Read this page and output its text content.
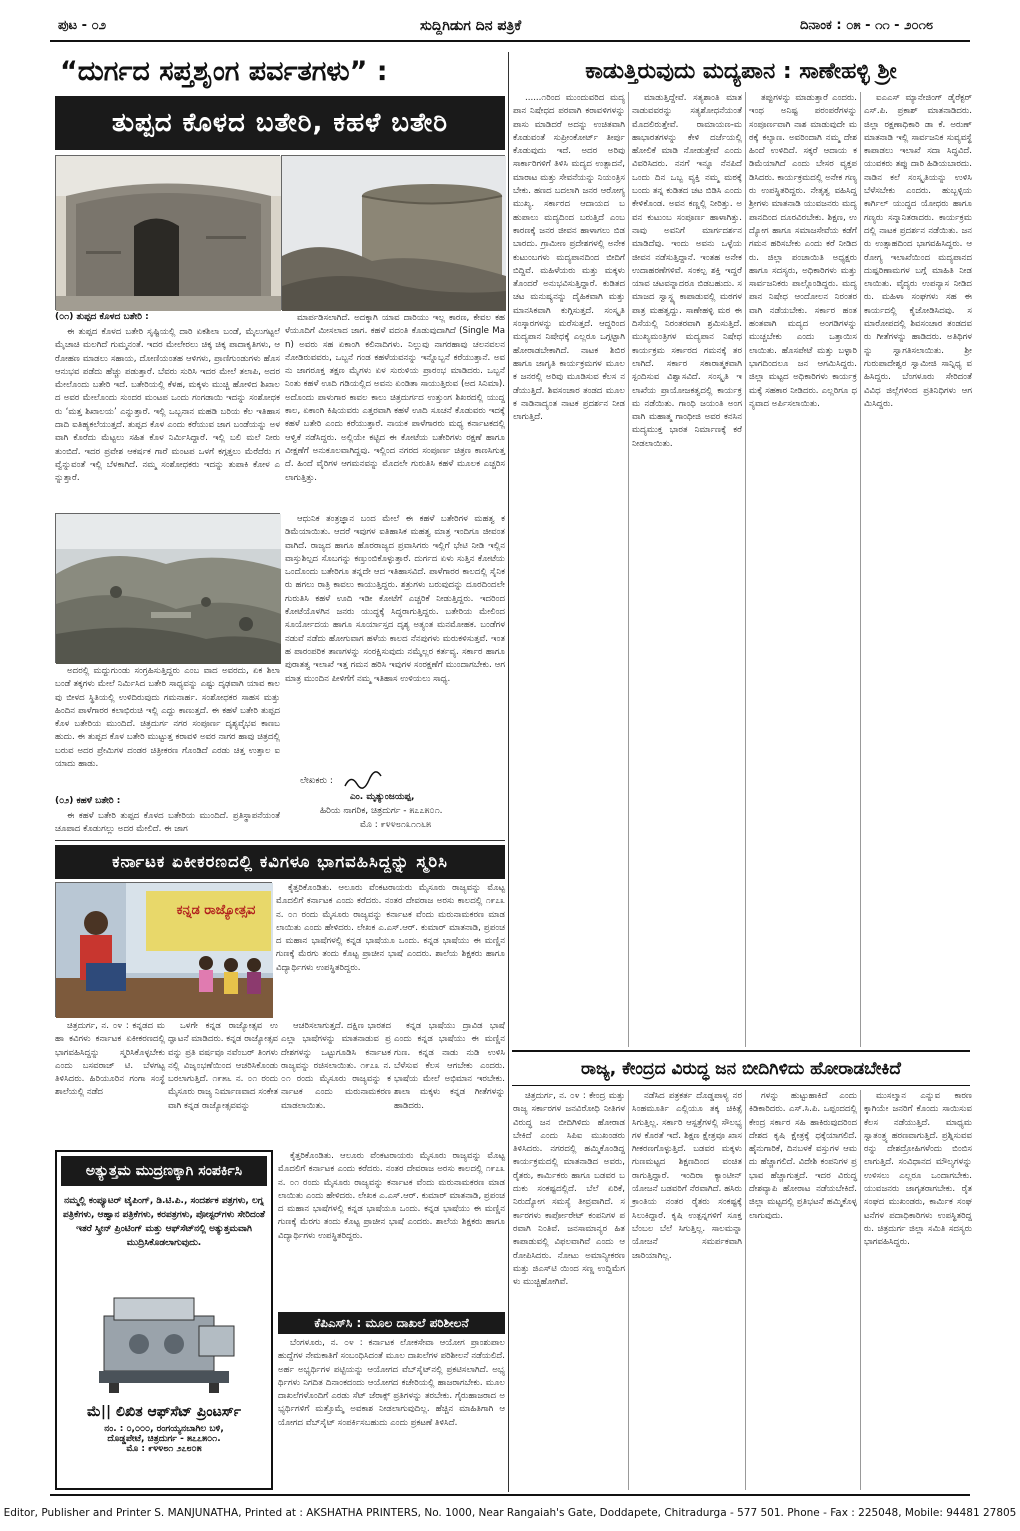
ಪುಟ - ೦೨	ಸುದ್ದಿಗಿಡುಗ ದಿನ ಪತ್ರಿಕೆ	ದಿನಾಂಕ : ೦೫ - ೧೧ - ೨೦೧೮
“ದುರ್ಗದ ಸಪ್ತಶೃಂಗ ಪರ್ವತಗಳು” :
ತುಪ್ಪದ ಕೊಳದ ಬತೇರಿ, ಕಹಳೆ ಬತೇರಿ
ಕಾಡುತ್ತಿರುವುದು ಮದ್ಯಪಾನ : ಸಾಣೇಹಳ್ಳಿ ಶ್ರೀ
(೦೧) ತುಪ್ಪದ ಕೊಳದ ಬತೇರಿ :

ಈ ತುಪ್ಪದ ಕೊಳದ ಬತೇರಿ ಸೃಷ್ಟಿಯಲ್ಲಿ ದಾರಿ ಏಕಶಿಲಾ ಬಂಡೆ, ಮೈಲುಗಟ್ಟಲೆ ಮೈಚಾಚಿ ಮಲಗಿದೆ ಗುಮ್ಮನಂತೆ. ಇದರ ಮೇಲೇರಲು ಚಿಕ್ಕ ಚಿಕ್ಕ ಪಾದಾಕೃತಿಗಳು, ಆರೋಹಣ ಮಾಡಲು ಸಹಾಯ, ದೋಣಿಯಂತಹ ಆಳಿಗಳು, ಪ್ರಾಣಿಗುಂಡುಗಳು ಹೊಸ ಆನುಭವ ಪಡೆದು ಹೆಚ್ಚು ಪಡುತ್ತಾರೆ. ಬೆವರು ಸುರಿಸಿ ಇದರ ಮೇಲೆ ತಲಾಪಿ, ಅದರ ಮೇಲೊಂದು ಬತೇರಿ ಇದೆ. ಬತೇರಿಯಲ್ಲಿ ಕೆಳಹ, ಮಕ್ಕಳು ಮುಚ್ಚಿ ಹೋಳಿದ ಶಿಖಾಲದ ಅವರ ಮೇಲೊಂದು ಸುಂದರ ಮಂಟಪ ಒಂದು ಗಂಗಡಾಯಿ ಇದನ್ನು ಸಂಶೋಧಕರು ‘ಮತ್ತ ಶಿಖಾಲಯ’ ಎನ್ನುತ್ತಾರೆ. ಇಲ್ಲಿ ಒಬ್ಬನಾನ ಮಹಡಿ ಬರಿಯ ಕೆಲ ಇತಿಹಾಸ ದಾದಿ ಐತಿಹ್ಯಕಲೆಯುತ್ತದೆ. ತುಪ್ಪದ ಕೊಳ ಎಂದು ಕರೆಯುವ ಜಾಗ ಬಂಡೆಯನ್ನು ಅಳವಾಗಿ ಕೊರೆದು ಮೆಟ್ಟಲು ಸಹಿತ ಕೊಳ ನಿರ್ಮಿಸಿದ್ದಾರೆ. ಇಲ್ಲಿ ಬಲಿ ಮಲೆ ನೀರು ತುಂಬಿದೆ. ಇದರ ಪ್ರವೇಶ ಆಕರ್ಷಕ ಗಾರೆ ಮಂಟಪ ಒಳಗೆ ಕಗ್ಗತ್ತಲು ಮೆರೆದೆರು ಗವ್ವೆನ್ನುವಂತೆ ಇಲ್ಲಿ ಬೆಳಕಾಗಿದೆ. ನಮ್ಮ ಸಂಶೋಧಕರು ಇದನ್ನು ತುಪಾಕಿ ಕೋಳ ಎನ್ನುತ್ತಾರೆ.

ಮಾರ್ಪಡಿಸಲಾಗಿದೆ. ಅದಕ್ಕಾಗಿ ಯಾವ ದಾರಿಯು ಇಲ್ಲ ಕಾರಣ, ಕೇವಲ ಕಹಳೆಯೂದಿಗೆ ಮೀಸಲಾದ ಜಾಗ. ಕಹಳೆ ವದಂತಿ ಕೊಡುವುದಾಗಿದೆ (Single Man) ಅವರು ಸಹ ಏಕಾಂಗಿ ಕಲಿನಾದಿಗಳು. ನಿಲ್ಲುವು ನಾಗರಹಾವು ಚಲನವಲನ ನೋಡಿರುವವರು, ಒಬ್ಬನೆ ಗಂಡ ಕಹಳೆಯವನನ್ನು ಇನ್ನೊಬ್ಬನೆ ಕರೆಯುತ್ತಾನೆ. ಅವನು ಜಾಗರೂಕ್ತ ತಕ್ಷಣ ಮೈಗಳು ಏಳ ಸುರುಳಿಯ ಪ್ರಾರಂಭ ಮಾಡಿದರು. ಒಬ್ಬನೆ ನಿಂತು ಕಹಳೆ ಊದಿ ಗಡಿಯಲ್ಲಿದ ಅವನು ಏಂಡಿತಾ ಸಾಯುತ್ತಿರುವ (ಅದ ಸಿನಿಮಾ). ಅದೊಂದು ಪಾಳುಗಾರ ಕಾವಲ ಕಾಲು ಚಿತ್ರದುರ್ಗದ ಉತ್ತುಂಗ ಶಿಖರದಲ್ಲಿ ಯುದ್ದಕಾಲ, ಏಕಾಂಗಿ ಕಿಷಿಯವರು ಎತ್ತರವಾಗಿ ಕಹಳೆ ಊದಿ ಸೂಚನೆ ಕೊಡುವರು ಇದಕ್ಕೆ ಕಹಳೆ ಬತೇರಿ ಎಂದು ಕರೆಯುತ್ತಾರೆ. ನಾಯಕ ಪಾಳೆಗಾರರು ಮಧ್ಯ ಕರ್ನಾಟಕದಲ್ಲಿ ಆಳ್ವಿಕೆ ನಡೆಸಿದ್ದರು. ಅಲ್ಲಿಯೇ ಕಟ್ಟಿದ ಈ ಕೋಟೆಯ ಬತೇರಿಗಳು ರಕ್ಷಣೆ ಹಾಗೂ ವೀಕ್ಷಣೆಗೆ ಅನುಕೂಲವಾಗಿದ್ದವು. ಇಲ್ಲಿಂದ ನಗರದ ಸಂಪೂರ್ಣ ಚಿತ್ರಣ ಕಾಣಸಿಗುತ್ತದೆ. ಹಿಂದೆ ವೈರಿಗಳ ಆಗಮನವನ್ನು ಮೊದಲೇ ಗುರುತಿಸಿ ಕಹಳೆ ಮೂಲಕ ಎಚ್ಚರಿಸಲಾಗುತ್ತಿತ್ತು.

ಆಧುನಿಕ ತಂತ್ರಜ್ಞಾನ ಬಂದ ಮೇಲೆ ಈ ಕಹಳೆ ಬತೇರಿಗಳ ಮಹತ್ವ ಕಡಿಮೆಯಾಯಿತು. ಆದರೆ ಇವುಗಳ ಐತಿಹಾಸಿಕ ಮಹತ್ವ ಮಾತ್ರ ಇಂದಿಗೂ ಜೀವಂತವಾಗಿದೆ. ರಾಜ್ಯದ ಹಾಗೂ ಹೊರರಾಜ್ಯದ ಪ್ರವಾಸಿಗರು ಇಲ್ಲಿಗೆ ಭೇಟಿ ನೀಡಿ ಇಲ್ಲಿನ ವಾಸ್ತುಶಿಲ್ಪದ ಸೊಬಗನ್ನು ಕಣ್ತುಂಬಿಕೊಳ್ಳುತ್ತಾರೆ. ದುರ್ಗದ ಏಳು ಸುತ್ತಿನ ಕೋಟೆಯ ಒಂದೊಂದು ಬತೇರಿಗೂ ತನ್ನದೇ ಆದ ಇತಿಹಾಸವಿದೆ. ಪಾಳೆಗಾರರ ಕಾಲದಲ್ಲಿ ಸೈನಿಕರು ಹಗಲು ರಾತ್ರಿ ಕಾವಲು ಕಾಯುತ್ತಿದ್ದರು. ಶತ್ರುಗಳು ಬರುವುದನ್ನು ದೂರದಿಂದಲೇ ಗುರುತಿಸಿ ಕಹಳೆ ಊದಿ ಇಡೀ ಕೋಟೆಗೆ ಎಚ್ಚರಿಕೆ ನೀಡುತ್ತಿದ್ದರು. ಇದರಿಂದ ಕೋಟೆಯೊಳಗಿನ ಜನರು ಯುದ್ಧಕ್ಕೆ ಸಿದ್ಧರಾಗುತ್ತಿದ್ದರು. ಬತೇರಿಯ ಮೇಲಿಂದ ಸೂರ್ಯೋದಯ ಹಾಗೂ ಸೂರ್ಯಾಸ್ತದ ದೃಶ್ಯ ಅತ್ಯಂತ ಮನಮೋಹಕ. ಬಂಡೆಗಳ ನಡುವೆ ನಡೆದು ಹೋಗುವಾಗ ಹಳೆಯ ಕಾಲದ ನೆನಪುಗಳು ಮರುಕಳಿಸುತ್ತವೆ. ಇಂತಹ ಪಾರಂಪರಿಕ ತಾಣಗಳನ್ನು ಸಂರಕ್ಷಿಸುವುದು ನಮ್ಮೆಲ್ಲರ ಕರ್ತವ್ಯ. ಸರ್ಕಾರ ಹಾಗೂ ಪುರಾತತ್ವ ಇಲಾಖೆ ಇತ್ತ ಗಮನ ಹರಿಸಿ ಇವುಗಳ ಸಂರಕ್ಷಣೆಗೆ ಮುಂದಾಗಬೇಕು. ಆಗ ಮಾತ್ರ ಮುಂದಿನ ಪೀಳಿಗೆಗೆ ನಮ್ಮ ಇತಿಹಾಸ ಉಳಿಯಲು ಸಾಧ್ಯ.

ಅದರಲ್ಲಿ ಮದ್ದುಗುಂಡು ಸಂಗ್ರಹಿಸುತ್ತಿದ್ದರು ಎಂಬ ವಾದ ಅವರದು, ಏಕ ಶಿಲಾ ಬಂಡೆ ತಕ್ಕಗಳು ಮೇಲೆ ನಿರ್ಮಿಸಿದ ಬತೇರಿ ಸಾಧ್ಯವನ್ನು ಎಷ್ಟು ದೃಢವಾಗಿ ಯಾವ ಕಾಲವು ಬೀಳದ ಸ್ಥಿತಿಯಲ್ಲಿ ಉಳಿದಿರುವುದು ಗಮನಾರ್ಹ. ಸಂಶೋಧಕರ ಸಾಹಸ ಮತ್ತು ಹಿಂದಿನ ಪಾಳೆಗಾರರ ಕಲಾಭಿರುಚಿ ಇಲ್ಲಿ ಎದ್ದು ಕಾಣುತ್ತದೆ. ಈ ಕಹಳೆ ಬತೇರಿ ತುಪ್ಪದ ಕೊಳ ಬತೇರಿಯ ಮುಂದಿದೆ. ಚಿತ್ರದುರ್ಗ ನಗರ ಸಂಪೂರ್ಣ ದೃಶ್ಯವೈಭವ ಕಾಣಬಹುದು. ಈ ತುಪ್ಪದ ಕೊಳ ಬತೇರಿ ಮುಟ್ಟುತ್ತ ಕರಾವಳಿ ಅವರ ನಾಗರ ಹಾವು ಚಿತ್ರದಲ್ಲಿ ಬರುವ ಅದರ ಪ್ರೇಮಿಗಳ ದಂಡರ ಚಿತ್ರೀಕರಣ ಗೊಂಡಿದೆ ಎರಡು ಚಿತ್ತ ಉತ್ತಾಲ ಐಯಾದು ಹಾಡು.

(೦೨) ಕಹಳೆ ಬತೇರಿ :

ಈ ಕಹಳೆ ಬತೇರಿ ತುಪ್ಪದ ಕೊಳದ ಬತೇರಿಯ ಮುಂದಿದೆ. ಪ್ರತಿಸ್ಥಾಪನೆಯಂತೆ ಚೂಪಾದ ಕೊಡುಗಲ್ಲು ಅದರ ಮೇಲಿದೆ. ಈ ಜಾಗ

ಲೇಖಕರು :
ಎಂ. ಮೃತ್ಯುಂಜಯಪ್ಪ,
ಹಿರಿಯ ನಾಗರಿಕ, ಚಿತ್ರದುರ್ಗ - ೫೭೭೫೦೧.
ಮೊ : ೯೪೪೮೧೩೧೧೬೫

......೧ರಿಂದ ಮುಂದುವರಿದ ಮದ್ಯಪಾನ ನಿಷೇಧದ ಪರವಾಗಿ ಕರಾವಳಿಗಳನ್ನು ಪಾಸು ಮಾಡಿದರೆ ಅದನ್ನು ಉಚಿತವಾಗಿ ಕೊಡುವಂತೆ ಸುಪ್ರೀಂಕೋರ್ಟ್ ತೀರ್ಪು ಕೊಡುವುದು ಇದೆ. ಅದರ ಅರಿವು ಸಾರ್ಕಾರಿಗಳಿಗೆ ತಿಳಿಸಿ ಮದ್ಯದ ಉತ್ಪಾದನೆ, ಮಾರಾಟ ಮತ್ತು ಸೇವನೆಯನ್ನು ನಿಯಂತ್ರಿಸಬೇಕು. ಹಣದ ಬದಲಾಗಿ ಜನರ ಆರೋಗ್ಯ ಮುಖ್ಯ. ಸರ್ಕಾರದ ಆದಾಯದ ಬಹುಪಾಲು ಮದ್ಯದಿಂದ ಬರುತ್ತಿದೆ ಎಂಬ ಕಾರಣಕ್ಕೆ ಜನರ ಜೀವನ ಹಾಳಾಗಲು ಬಿಡಬಾರದು. ಗ್ರಾಮೀಣ ಪ್ರದೇಶಗಳಲ್ಲಿ ಅನೇಕ ಕುಟುಂಬಗಳು ಮದ್ಯಪಾನದಿಂದ ಬೀದಿಗೆ ಬಿದ್ದಿವೆ. ಮಹಿಳೆಯರು ಮತ್ತು ಮಕ್ಕಳು ತೊಂದರೆ ಅನುಭವಿಸುತ್ತಿದ್ದಾರೆ. ಕುಡಿತದ ಚಟ ಮನುಷ್ಯನನ್ನು ದೈಹಿಕವಾಗಿ ಮತ್ತು ಮಾನಸಿಕವಾಗಿ ಕುಗ್ಗಿಸುತ್ತದೆ. ಸಂಸ್ಕೃತಿ ಸಂಸ್ಕಾರಗಳನ್ನು ಮರೆಸುತ್ತದೆ. ಆದ್ದರಿಂದ ಮದ್ಯಪಾನ ನಿಷೇಧಕ್ಕೆ ಎಲ್ಲರೂ ಒಗ್ಗಟ್ಟಾಗಿ ಹೋರಾಡಬೇಕಾಗಿದೆ. ನಾಟಕ ಶಿಬಿರ ಹಾಗೂ ಜಾಗೃತಿ ಕಾರ್ಯಕ್ರಮಗಳ ಮೂಲಕ ಜನರಲ್ಲಿ ಅರಿವು ಮೂಡಿಸುವ ಕೆಲಸ ನಡೆಯುತ್ತಿದೆ. ಶಿವಸಂಚಾರ ತಂಡದ ಮೂಲಕ ನಾಡಿನಾದ್ಯಂತ ನಾಟಕ ಪ್ರದರ್ಶನ ನೀಡಲಾಗುತ್ತಿದೆ.

ಮಾಡುತ್ತಿದ್ದೇವೆ. ಸತ್ಯಶಾಂತಿ ಮಾತ ನಾಡುವವರನ್ನು ಸತ್ಯಶೋಧನೆಯಂತೆ ಮೊದಲಿರುತ್ತೇವೆ. ರಾಮಾಯಣ-ಮಹಾಭಾರತಗಳನ್ನು ಕೇಳಿ ದರ್ಜೆಯಲ್ಲಿ ಹೋಲಿಕೆ ಮಾಡಿ ನೋಡುತ್ತೇವೆ ಎಂದು ವಿವರಿಸಿದರು. ನನಗೆ ಇನ್ನೂ ನೆನಪಿದೆ ಒಂದು ದಿನ ಒಬ್ಬ ವ್ಯಕ್ತಿ ನಮ್ಮ ಮಠಕ್ಕೆ ಬಂದು ತನ್ನ ಕುಡಿತದ ಚಟ ಬಿಡಿಸಿ ಎಂದು ಕೇಳಿಕೊಂಡ. ಅವನ ಕಣ್ಣಲ್ಲಿ ನೀರಿತ್ತು. ಅವನ ಕುಟುಂಬ ಸಂಪೂರ್ಣ ಹಾಳಾಗಿತ್ತು. ನಾವು ಅವನಿಗೆ ಮಾರ್ಗದರ್ಶನ ಮಾಡಿದೆವು. ಇಂದು ಅವನು ಒಳ್ಳೆಯ ಜೀವನ ನಡೆಸುತ್ತಿದ್ದಾನೆ. ಇಂತಹ ಅನೇಕ ಉದಾಹರಣೆಗಳಿವೆ. ಸಂಕಲ್ಪ ಶಕ್ತಿ ಇದ್ದರೆ ಯಾವ ಚಟವನ್ನಾದರೂ ಬಿಡಬಹುದು. ಸಮಾಜದ ಸ್ವಾಸ್ಥ್ಯ ಕಾಪಾಡುವಲ್ಲಿ ಮಠಗಳ ಪಾತ್ರ ಮಹತ್ವದ್ದು. ಸಾಣೇಹಳ್ಳಿ ಮಠ ಈ ದಿಸೆಯಲ್ಲಿ ನಿರಂತರವಾಗಿ ಶ್ರಮಿಸುತ್ತಿದೆ. ಮುಖ್ಯಮಂತ್ರಿಗಳ ಮದ್ಯಪಾನ ನಿಷೇಧ ಕಾರ್ಯಕ್ರಮ ಸರ್ಕಾರದ ಗಮನಕ್ಕೆ ತರಲಾಗಿದೆ. ಸರ್ಕಾರ ಸಕಾರಾತ್ಮಕವಾಗಿ ಸ್ಪಂದಿಸುವ ವಿಶ್ವಾಸವಿದೆ. ಸಂಸ್ಕೃತಿ ಇಲಾಖೆಯ ಪ್ರಾಯೋಜಕತ್ವದಲ್ಲಿ ಕಾರ್ಯಕ್ರಮ ನಡೆಯಿತು. ಗಾಂಧಿ ಜಯಂತಿ ಅಂಗವಾಗಿ ಮಹಾತ್ಮ ಗಾಂಧೀಜಿ ಅವರ ಕನಸಿನ ಮದ್ಯಮುಕ್ತ ಭಾರತ ನಿರ್ಮಾಣಕ್ಕೆ ಕರೆ ನೀಡಲಾಯಿತು.

ತಪ್ಪುಗಳನ್ನು ಮಾಡುತ್ತಾರೆ ಎಂದರು. ಇಂಥ ಅನಿಷ್ಟ ಪರಂಪರೆಗಳನ್ನು ಸಂಪೂರ್ಣವಾಗಿ ನಾಶ ಮಾಡುವುದೇ ಮಠಕ್ಕೆ ಕಲ್ಯಾಣ. ಅವರಿಂದಾಗಿ ನಮ್ಮ ದೇಶ ಹಿಂದೆ ಉಳಿದಿದೆ. ಸಕ್ಕರೆ ಆದಾಯ ಕಡಿಮೆಯಾಗಿದೆ ಎಂದು ಬೇಸರ ವ್ಯಕ್ತಪಡಿಸಿದರು. ಕಾರ್ಯಕ್ರಮದಲ್ಲಿ ಅನೇಕ ಗಣ್ಯರು ಉಪಸ್ಥಿತರಿದ್ದರು. ನೇತೃತ್ವ ವಹಿಸಿದ್ದ ಶ್ರೀಗಳು ಮಾತನಾಡಿ ಯುವಜನರು ಮದ್ಯಪಾನದಿಂದ ದೂರವಿರಬೇಕು. ಶಿಕ್ಷಣ, ಉದ್ಯೋಗ ಹಾಗೂ ಸಮಾಜಸೇವೆಯ ಕಡೆಗೆ ಗಮನ ಹರಿಸಬೇಕು ಎಂದು ಕರೆ ನೀಡಿದರು. ಜಿಲ್ಲಾ ಪಂಚಾಯಿತಿ ಅಧ್ಯಕ್ಷರು ಹಾಗೂ ಸದಸ್ಯರು, ಅಧಿಕಾರಿಗಳು ಮತ್ತು ಸಾರ್ವಜನಿಕರು ಪಾಲ್ಗೊಂಡಿದ್ದರು. ಮದ್ಯಪಾನ ನಿಷೇಧ ಆಂದೋಲನ ನಿರಂತರವಾಗಿ ನಡೆಯಬೇಕು. ಸರ್ಕಾರ ಹಂತ ಹಂತವಾಗಿ ಮದ್ಯದ ಅಂಗಡಿಗಳನ್ನು ಮುಚ್ಚಬೇಕು ಎಂದು ಒತ್ತಾಯಿಸಲಾಯಿತು. ಹೊಸಪೇಟೆ ಮತ್ತು ಬಳ್ಳಾರಿ ಭಾಗದಿಂದಲೂ ಜನ ಆಗಮಿಸಿದ್ದರು. ಜಿಲ್ಲಾ ಮಟ್ಟದ ಅಧಿಕಾರಿಗಳು ಕಾರ್ಯಕ್ರಮಕ್ಕೆ ಸಹಕಾರ ನೀಡಿದರು. ಎಲ್ಲರಿಗೂ ಧನ್ಯವಾದ ಅರ್ಪಿಸಲಾಯಿತು.

ಐಎಎಸ್ ಮ್ಯಾನೇಜಿಂಗ್ ಡೈರೆಕ್ಟರ್ ಎಸ್.ಪಿ. ಪ್ರಕಾಶ್ ಮಾತನಾಡಿದರು. ಜಿಲ್ಲಾ ರಕ್ಷಣಾಧಿಕಾರಿ ಡಾ ಕೆ. ಅರುಣ್ ಮಾತನಾಡಿ ಇಲ್ಲಿ ಸಾರ್ವಜನಿಕ ಸುವ್ಯವಸ್ಥೆ ಕಾಪಾಡಲು ಇಲಾಖೆ ಸದಾ ಸಿದ್ಧವಿದೆ. ಯುವಕರು ತಪ್ಪು ದಾರಿ ಹಿಡಿಯಬಾರದು. ನಾಡಿನ ಕಲೆ ಸಂಸ್ಕೃತಿಯನ್ನು ಉಳಿಸಿ ಬೆಳೆಸಬೇಕು ಎಂದರು. ಹುಬ್ಬಳ್ಳಿಯ ಕಾರ್ಗಿಲ್ ಯುದ್ಧದ ಯೋಧರು ಹಾಗೂ ಗಣ್ಯರು ಸನ್ಮಾನಿತರಾದರು. ಕಾರ್ಯಕ್ರಮದಲ್ಲಿ ನಾಟಕ ಪ್ರದರ್ಶನ ನಡೆಯಿತು. ಜನರು ಉತ್ಸಾಹದಿಂದ ಭಾಗವಹಿಸಿದ್ದರು. ಆರೋಗ್ಯ ಇಲಾಖೆಯಿಂದ ಮದ್ಯಪಾನದ ದುಷ್ಪರಿಣಾಮಗಳ ಬಗ್ಗೆ ಮಾಹಿತಿ ನೀಡಲಾಯಿತು. ವೈದ್ಯರು ಉಪನ್ಯಾಸ ನೀಡಿದರು. ಮಹಿಳಾ ಸಂಘಗಳು ಸಹ ಈ ಕಾರ್ಯದಲ್ಲಿ ಕೈಜೋಡಿಸಿದವು. ಸಮಾರೋಪದಲ್ಲಿ ಶಿವಸಂಚಾರ ತಂಡದವರು ಗೀತೆಗಳನ್ನು ಹಾಡಿದರು. ಅತಿಥಿಗಳನ್ನು ಸ್ವಾಗತಿಸಲಾಯಿತು. ಶ್ರೀ ಗುರುಪಾದೇಶ್ವರ ಸ್ವಾಮೀಜಿ ಸಾನ್ನಿಧ್ಯ ವಹಿಸಿದ್ದರು. ಬೆಂಗಳೂರು ಸೇರಿದಂತೆ ವಿವಿಧ ಜಿಲ್ಲೆಗಳಿಂದ ಪ್ರತಿನಿಧಿಗಳು ಆಗಮಿಸಿದ್ದರು.

ಕರ್ನಾಟಕ ಏಕೀಕರಣದಲ್ಲಿ ಕವಿಗಳೂ ಭಾಗವಹಿಸಿದ್ದನ್ನು ಸ್ಮರಿಸಿ
ಕನ್ನಡ ರಾಜ್ಯೋತ್ಸವ

ಕೈತ್ತರಿಕೊಂಡಿತು. ಆಲೂರು ವೆಂಕಟರಾಯರು ಮೈಸೂರು ರಾಜ್ಯವನ್ನು ಮೊಟ್ಟ ಮೊದಲಿಗೆ ಕರ್ನಾಟಕ ಎಂದು ಕರೆದರು. ನಂತರ ದೇವರಾಜ ಅರಸು ಕಾಲದಲ್ಲಿ ೧೯೭೩ ನ. ೦೧ ರಂದು ಮೈಸೂರು ರಾಜ್ಯವನ್ನು ಕರ್ನಾಟಕ ವೆಂದು ಮರುನಾಮಕರಣ ಮಾಡಲಾಯಿತು ಎಂದು ಹೇಳಿದರು. ಲೇಖಕ ಎ.ಎಸ್.ಆರ್. ಕುಮಾರ್ ಮಾತನಾಡಿ, ಪ್ರಪಂಚದ ಮಹಾನ ಭಾಷೆಗಳಲ್ಲಿ ಕನ್ನಡ ಭಾಷೆಯೂ ಒಂದು. ಕನ್ನಡ ಭಾಷೆಯು ಈ ಮಣ್ಣಿನ ಗುಣಕ್ಕೆ ಮೆರಗು ತಂದು ಕೊಟ್ಟ ಪ್ರಾಚೀನ ಭಾಷೆ ಎಂದರು. ಶಾಲೆಯ ಶಿಕ್ಷಕರು ಹಾಗೂ ವಿದ್ಯಾರ್ಥಿಗಳು ಉಪಸ್ಥಿತರಿದ್ದರು.

ಚಿತ್ರದುರ್ಗ, ನ. ೦೪ : ಕನ್ನಡದ ಮಹಾ ಕವಿಗಳು ಕರ್ನಾಟಕ ಏಕೀಕರಣದಲ್ಲಿ ಭಾಗವಹಿಸಿದ್ದನ್ನು ಸ್ಮರಿಸಿಕೊಳ್ಳಬೇಕು ಎಂದು ಬಸವರಾಜ್ ಟಿ. ಬೆಳಗಟ್ಟ ತಿಳಿಸಿದರು. ಹಿರಿಯೂರಿನ ಗಂಗಾ ಸಂಸ್ಥೆ ಶಾಲೆಯಲ್ಲಿ ನಡೆದ

ಒಳಗೇ ಕನ್ನಡ ರಾಜ್ಯೋತ್ಸವ ಉದ್ಘಾಟನೆ ಮಾಡಿದರು. ಕನ್ನಡ ರಾಜ್ಯೋತ್ಸವವನ್ನು ಪ್ರತಿ ವರ್ಷವೂ ನವೆಂಬರ್ ತಿಂಗಳು ನಲ್ಲಿ ವಿಜೃಂಭಣೆಯಿಂದ ಆಚರಿಸಿಕೊಂಡು ಬರಲಾಗುತ್ತಿದೆ. ೧೯೫೬ ನ. ೦೧ ರಂದು ಮೈಸೂರು ರಾಜ್ಯ ನಿರ್ಮಾಣವಾದ ಸಂಕೇತವಾಗಿ ಕನ್ನಡ ರಾಜ್ಯೋತ್ಸವವನ್ನು

ಆಚರಿಸಲಾಗುತ್ತದೆ. ದಕ್ಷಿಣ ಭಾರತದ ಎಲ್ಲಾ ಭಾಷೆಗಳನ್ನು ಮಾತನಾಡುವ ಪ್ರದೇಶಗಳನ್ನು ಒಟ್ಟುಗೂಡಿಸಿ ಕರ್ನಾಟಕ ರಾಜ್ಯವನ್ನು ರಚಿಸಲಾಯಿತು. ೧೯೭೩ ನ. ೦೧ ರಂದು ಮೈಸೂರು ರಾಜ್ಯವನ್ನು ಕರ್ನಾಟಕ ಎಂದು ಮರುನಾಮಕರಣ ಮಾಡಲಾಯಿತು.

ಕನ್ನಡ ಭಾಷೆಯು ದ್ರಾವಿಡ ಭಾಷೆ ಎಂದು ಕನ್ನಡ ಭಾಷೆಯು ಈ ಮಣ್ಣಿನ ಗುಣ. ಕನ್ನಡ ನಾಡು ನುಡಿ ಉಳಿಸಿ ಬೆಳೆಸುವ ಕೆಲಸ ಆಗಬೇಕು ಎಂದರು. ಭಾಷೆಯ ಮೇಲೆ ಅಭಿಮಾನ ಇರಬೇಕು. ಶಾಲಾ ಮಕ್ಕಳು ಕನ್ನಡ ಗೀತೆಗಳನ್ನು ಹಾಡಿದರು.

ಅತ್ಯುತ್ತಮ ಮುದ್ರಣಕ್ಕಾಗಿ ಸಂಪರ್ಕಿಸಿ
ನಮ್ಮಲ್ಲಿ ಕಂಪ್ಯೂಟರ್ ಟೈಪಿಂಗ್, ಡಿ.ಟಿ.ಪಿ., ಸಂದರ್ಶಕ ಪತ್ರಗಳು, ಲಗ್ನ ಪತ್ರಿಕೆಗಳು, ಆಹ್ವಾನ ಪತ್ರಿಕೆಗಳು, ಕರಪತ್ರಗಳು, ಪೋಸ್ಟರ್‌ಗಳು ಸೇರಿದಂತೆ ಇತರೆ ಸ್ಕ್ರೀನ್ ಪ್ರಿಂಟಿಂಗ್ ಮತ್ತು ಆಫ್‌ಸೆಟ್‌ನಲ್ಲಿ ಅತ್ಯುತ್ತಮವಾಗಿ ಮುದ್ರಿಸಿಕೊಡಲಾಗುವುದು.
ಮೆ|| ಲಿಖಿತ ಆಫ್‌ಸೆಟ್ ಪ್ರಿಂಟರ್ಸ್
ನಂ. : ೦,೦೦೦, ರಂಗಯ್ಯನಬಾಗಿಲ ಬಳಿ,
ದೊಡ್ಡಪೇಟೆ, ಚಿತ್ರದುರ್ಗ - ೫೭೭೫೦೧.
ಮೊ : ೯೪೪೮೧ ೨೭೮೦೫

ಕೈತ್ತರಿಕೊಂಡಿತು. ಆಲೂರು ವೆಂಕಟರಾಯರು ಮೈಸೂರು ರಾಜ್ಯವನ್ನು ಮೊಟ್ಟ ಮೊದಲಿಗೆ ಕರ್ನಾಟಕ ಎಂದು ಕರೆದರು. ನಂತರ ದೇವರಾಜ ಅರಸು ಕಾಲದಲ್ಲಿ ೧೯೭೩ ನ. ೦೧ ರಂದು ಮೈಸೂರು ರಾಜ್ಯವನ್ನು ಕರ್ನಾಟಕ ವೆಂದು ಮರುನಾಮಕರಣ ಮಾಡಲಾಯಿತು ಎಂದು ಹೇಳಿದರು. ಲೇಖಕ ಎ.ಎಸ್.ಆರ್. ಕುಮಾರ್ ಮಾತನಾಡಿ, ಪ್ರಪಂಚದ ಮಹಾನ ಭಾಷೆಗಳಲ್ಲಿ ಕನ್ನಡ ಭಾಷೆಯೂ ಒಂದು. ಕನ್ನಡ ಭಾಷೆಯು ಈ ಮಣ್ಣಿನ ಗುಣಕ್ಕೆ ಮೆರಗು ತಂದು ಕೊಟ್ಟ ಪ್ರಾಚೀನ ಭಾಷೆ ಎಂದರು. ಶಾಲೆಯ ಶಿಕ್ಷಕರು ಹಾಗೂ ವಿದ್ಯಾರ್ಥಿಗಳು ಉಪಸ್ಥಿತರಿದ್ದರು.

ಕೆಪಿಎಸ್‌ಸಿ : ಮೂಲ ದಾಖಲೆ ಪರಿಶೀಲನೆ

ಬೆಂಗಳೂರು, ನ. ೦೪ : ಕರ್ನಾಟಕ ಲೋಕಸೇವಾ ಆಯೋಗ ಪ್ರಾಂಶುಪಾಲ ಹುದ್ದೆಗಳ ನೇಮಕಾತಿಗೆ ಸಂಬಂಧಿಸಿದಂತೆ ಮೂಲ ದಾಖಲೆಗಳ ಪರಿಶೀಲನೆ ನಡೆಯಲಿದೆ. ಅರ್ಹ ಅಭ್ಯರ್ಥಿಗಳ ಪಟ್ಟಿಯನ್ನು ಆಯೋಗದ ವೆಬ್‌ಸೈಟ್‌ನಲ್ಲಿ ಪ್ರಕಟಿಸಲಾಗಿದೆ. ಅಭ್ಯರ್ಥಿಗಳು ನಿಗದಿತ ದಿನಾಂಕದಂದು ಆಯೋಗದ ಕಚೇರಿಯಲ್ಲಿ ಹಾಜರಾಗಬೇಕು. ಮೂಲ ದಾಖಲೆಗಳೊಂದಿಗೆ ಎರಡು ಸೆಟ್ ಜೆರಾಕ್ಸ್ ಪ್ರತಿಗಳನ್ನು ತರಬೇಕು. ಗೈರುಹಾಜರಾದ ಅಭ್ಯರ್ಥಿಗಳಿಗೆ ಮತ್ತೊಮ್ಮೆ ಅವಕಾಶ ನೀಡಲಾಗುವುದಿಲ್ಲ. ಹೆಚ್ಚಿನ ಮಾಹಿತಿಗಾಗಿ ಆಯೋಗದ ವೆಬ್‌ಸೈಟ್ ಸಂಪರ್ಕಿಸಬಹುದು ಎಂದು ಪ್ರಕಟಣೆ ತಿಳಿಸಿದೆ.

ರಾಜ್ಯ, ಕೇಂದ್ರದ ವಿರುದ್ಧ ಜನ ಬೀದಿಗಿಳಿದು ಹೋರಾಡಬೇಕಿದೆ

ಚಿತ್ರದುರ್ಗ, ನ. ೦೪ : ಕೇಂದ್ರ ಮತ್ತು ರಾಜ್ಯ ಸರ್ಕಾರಗಳ ಜನವಿರೋಧಿ ನೀತಿಗಳ ವಿರುದ್ಧ ಜನ ಬೀದಿಗಿಳಿದು ಹೋರಾಡಬೇಕಿದೆ ಎಂದು ಸಿಪಿಐ ಮುಖಂಡರು ತಿಳಿಸಿದರು. ನಗರದಲ್ಲಿ ಹಮ್ಮಿಕೊಂಡಿದ್ದ ಕಾರ್ಯಕ್ರಮದಲ್ಲಿ ಮಾತನಾಡಿದ ಅವರು, ರೈತರು, ಕಾರ್ಮಿಕರು ಹಾಗೂ ಬಡವರ ಬದುಕು ಸಂಕಷ್ಟದಲ್ಲಿದೆ. ಬೆಲೆ ಏರಿಕೆ, ನಿರುದ್ಯೋಗ ಸಮಸ್ಯೆ ತೀವ್ರವಾಗಿದೆ. ಸರ್ಕಾರಗಳು ಕಾರ್ಪೋರೇಟ್ ಕಂಪನಿಗಳ ಪರವಾಗಿ ನಿಂತಿವೆ. ಜನಸಾಮಾನ್ಯರ ಹಿತ ಕಾಪಾಡುವಲ್ಲಿ ವಿಫಲವಾಗಿವೆ ಎಂದು ಆರೋಪಿಸಿದರು. ನೋಟು ಅಮಾನ್ಯೀಕರಣ ಮತ್ತು ಜಿಎಸ್‌ಟಿ ಯಿಂದ ಸಣ್ಣ ಉದ್ದಿಮೆಗಳು ಮುಚ್ಚಿಹೋಗಿವೆ.

ನಡೆಸಿದ ಪತ್ರಕರ್ತ ದೊಡ್ಡಪಾಳ್ಯ ನರಸಿಂಹಮೂರ್ತಿ ಎಲ್ಲಿಯೂ ತಕ್ಕ ಚಿಕಿತ್ಸೆ ಸಿಗುತ್ತಿಲ್ಲ. ಸರ್ಕಾರಿ ಆಸ್ಪತ್ರೆಗಳಲ್ಲಿ ಸೌಲಭ್ಯಗಳ ಕೊರತೆ ಇದೆ. ಶಿಕ್ಷಣ ಕ್ಷೇತ್ರವೂ ಖಾಸಗೀಕರಣಗೊಳ್ಳುತ್ತಿದೆ. ಬಡವರ ಮಕ್ಕಳು ಗುಣಮಟ್ಟದ ಶಿಕ್ಷಣದಿಂದ ವಂಚಿತರಾಗುತ್ತಿದ್ದಾರೆ. ಇಂದಿರಾ ಕ್ಯಾಂಟೀನ್ ಯೋಜನೆ ಬಡವರಿಗೆ ನೆರವಾಗಿದೆ. ಹಸಿರು ಕ್ರಾಂತಿಯ ನಂತರ ರೈತರು ಸಂಕಷ್ಟಕ್ಕೆ ಸಿಲುಕಿದ್ದಾರೆ. ಕೃಷಿ ಉತ್ಪನ್ನಗಳಿಗೆ ಸೂಕ್ತ ಬೆಂಬಲ ಬೆಲೆ ಸಿಗುತ್ತಿಲ್ಲ. ಸಾಲಮನ್ನಾ ಯೋಜನೆ ಸಮರ್ಪಕವಾಗಿ ಜಾರಿಯಾಗಿಲ್ಲ.

ಗಳನ್ನು ಹುಟ್ಟುಹಾಕಿದೆ ಎಂದು ಕಿಡಿಕಾರಿದರು. ಎಸ್.ಸಿ.ಪಿ. ಒಪ್ಪಂದದಲ್ಲಿ ಕೇಂದ್ರ ಸರ್ಕಾರ ಸಹಿ ಹಾಕಿರುವುದರಿಂದ ದೇಶದ ಕೃಷಿ ಕ್ಷೇತ್ರಕ್ಕೆ ಧಕ್ಕೆಯಾಗಲಿದೆ. ಹೈನುಗಾರಿಕೆ, ದಿನಬಳಕೆ ವಸ್ತುಗಳ ಆಮದು ಹೆಚ್ಚಾಗಲಿದೆ. ವಿದೇಶಿ ಕಂಪನಿಗಳ ಪ್ರಭಾವ ಹೆಚ್ಚಾಗುತ್ತದೆ. ಇದರ ವಿರುದ್ಧ ದೇಶವ್ಯಾಪಿ ಹೋರಾಟ ನಡೆಯಬೇಕಿದೆ. ಜಿಲ್ಲಾ ಮಟ್ಟದಲ್ಲಿ ಪ್ರತಿಭಟನೆ ಹಮ್ಮಿಕೊಳ್ಳಲಾಗುವುದು.

ಮುಸಲ್ಮಾನ ಎನ್ನುವ ಕಾರಣಕ್ಕಾಗಿಯೇ ಜನರಿಗೆ ಕೊಂದು ಸಾಯಿಸುವ ಕೆಲಸ ನಡೆಯುತ್ತಿದೆ. ಮಾಧ್ಯಮ ಸ್ವಾತಂತ್ರ್ಯ ಹರಣವಾಗುತ್ತಿದೆ. ಪ್ರಶ್ನಿಸುವವರನ್ನು ದೇಶದ್ರೋಹಿಗಳೆಂದು ಬಿಂಬಿಸಲಾಗುತ್ತಿದೆ. ಸಂವಿಧಾನದ ಮೌಲ್ಯಗಳನ್ನು ಉಳಿಸಲು ಎಲ್ಲರೂ ಒಂದಾಗಬೇಕು. ಯುವಜನರು ಜಾಗೃತರಾಗಬೇಕು. ರೈತ ಸಂಘದ ಮುಖಂಡರು, ಕಾರ್ಮಿಕ ಸಂಘಟನೆಗಳ ಪದಾಧಿಕಾರಿಗಳು ಉಪಸ್ಥಿತರಿದ್ದರು. ಚಿತ್ರದುರ್ಗ ಜಿಲ್ಲಾ ಸಮಿತಿ ಸದಸ್ಯರು ಭಾಗವಹಿಸಿದ್ದರು.

Editor, Publisher and Printer S. MANJUNATHA, Printed at : AKSHATHA PRINTERS, No. 1000, Near Rangaiah's Gate, Doddapete, Chitradurga - 577 501. Phone - Fax : 225048, Mobile: 94481 27805
